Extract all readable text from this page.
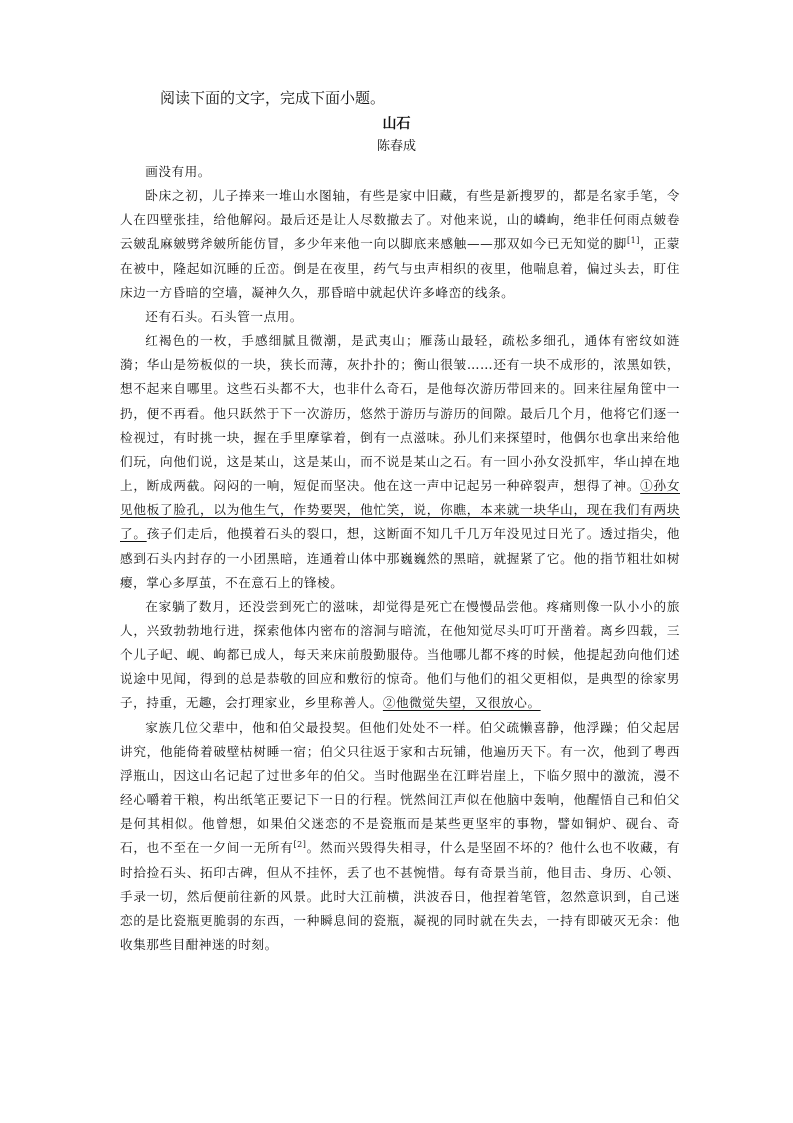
阅读下面的文字，完成下面小题。
山石
陈春成

画没有用。

卧床之初，儿子捧来一堆山水图轴，有些是家中旧藏，有些是新搜罗的，都是名家手笔，令人在四壁张挂，给他解闷。最后还是让人尽数撤去了。对他来说，山的嶙峋，绝非任何雨点皴卷云皴乱麻皴劈斧皴所能仿冒，多少年来他一向以脚底来感触——那双如今已无知觉的脚[1]，正蒙在被中，隆起如沉睡的丘峦。倒是在夜里，药气与虫声相织的夜里，他喘息着，偏过头去，盯住床边一方昏暗的空墙，凝神久久，那昏暗中就起伏许多峰峦的线条。

还有石头。石头管一点用。

红褐色的一枚，手感细腻且微潮，是武夷山；雁荡山最轻，疏松多细孔，通体有密纹如涟漪；华山是笏板似的一块，狭长而薄，灰扑扑的；衡山很皱……还有一块不成形的，浓黑如铁，想不起来自哪里。这些石头都不大，也非什么奇石，是他每次游历带回来的。回来往屋角筐中一扔，便不再看。他只跃然于下一次游历，悠然于游历与游历的间隙。最后几个月，他将它们逐一检视过，有时挑一块，握在手里摩挲着，倒有一点滋味。孙儿们来探望时，他偶尔也拿出来给他们玩，向他们说，这是某山，这是某山，而不说是某山之石。有一回小孙女没抓牢，华山掉在地上，断成两截。闷闷的一响，短促而坚决。他在这一声中记起另一种碎裂声，想得了神。①孙女见他板了脸孔，以为他生气，作势要哭，他忙笑，说，你瞧，本来就一块华山，现在我们有两块了。孩子们走后，他摸着石头的裂口，想，这断面不知几千几万年没见过日光了。透过指尖，他感到石头内封存的一小团黑暗，连通着山体中那巍巍然的黑暗，就握紧了它。他的指节粗壮如树瘿，掌心多厚茧，不在意石上的锋棱。

在家躺了数月，还没尝到死亡的滋味，却觉得是死亡在慢慢品尝他。疼痛则像一队小小的旅人，兴致勃勃地行进，探索他体内密布的溶洞与暗流，在他知觉尽头叮叮开凿着。离乡四载，三个儿子屺、岘、岣都已成人，每天来床前殷勤服侍。当他哪儿都不疼的时候，他提起劲向他们述说途中见闻，得到的总是恭敬的回应和敷衍的惊奇。他们与他们的祖父更相似，是典型的徐家男子，持重，无趣，会打理家业，乡里称善人。②他微觉失望，又很放心。

家族几位父辈中，他和伯父最投契。但他们处处不一样。伯父疏懒喜静，他浮躁；伯父起居讲究，他能倚着破壁枯树睡一宿；伯父只往返于家和古玩铺，他遍历天下。有一次，他到了粤西浮瓶山，因这山名记起了过世多年的伯父。当时他踞坐在江畔岩崖上，下临夕照中的激流，漫不经心嚼着干粮，构出纸笔正要记下一日的行程。恍然间江声似在他脑中轰响，他醒悟自己和伯父是何其相似。他曾想，如果伯父迷恋的不是瓷瓶而是某些更坚牢的事物，譬如铜炉、砚台、奇石，也不至在一夕间一无所有[2]。然而兴毁得失相寻，什么是坚固不坏的？他什么也不收藏，有时拾捡石头、拓印古碑，但从不挂怀，丢了也不甚惋惜。每有奇景当前，他目击、身历、心领、手录一切，然后便前往新的风景。此时大江前横，洪波吞日，他捏着笔管，忽然意识到，自己迷恋的是比瓷瓶更脆弱的东西，一种瞬息间的瓷瓶，凝视的同时就在失去，一持有即破灭无余：他收集那些目酣神迷的时刻。
